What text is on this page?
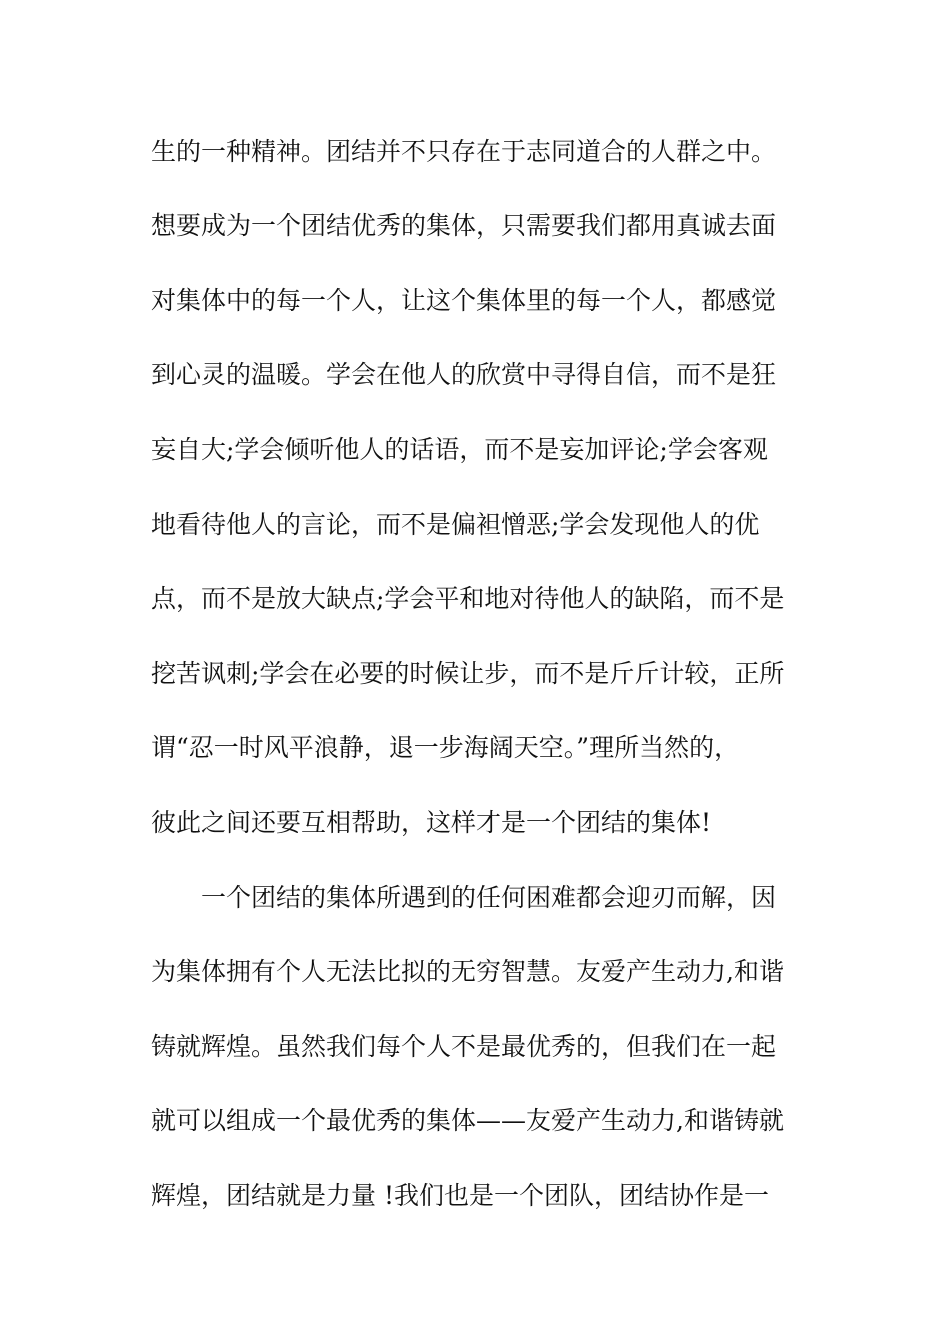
生的一种精神。团结并不只存在于志同道合的人群之中。
想要成为一个团结优秀的集体，只需要我们都用真诚去面
对集体中的每一个人，让这个集体里的每一个人，都感觉
到心灵的温暖。学会在他人的欣赏中寻得自信，而不是狂
妄自大;学会倾听他人的话语，而不是妄加评论;学会客观
地看待他人的言论，而不是偏袒憎恶;学会发现他人的优
点，而不是放大缺点;学会平和地对待他人的缺陷，而不是
挖苦讽刺;学会在必要的时候让步，而不是斤斤计较，正所
谓“忍一时风平浪静，退一步海阔天空。”理所当然的，
彼此之间还要互相帮助，这样才是一个团结的集体!
一个团结的集体所遇到的任何困难都会迎刃而解，因
为集体拥有个人无法比拟的无穷智慧。友爱产生动力,和谐
铸就辉煌。虽然我们每个人不是最优秀的，但我们在一起
就可以组成一个最优秀的集体——友爱产生动力,和谐铸就
辉煌，团结就是力量 !我们也是一个团队，团结协作是一
